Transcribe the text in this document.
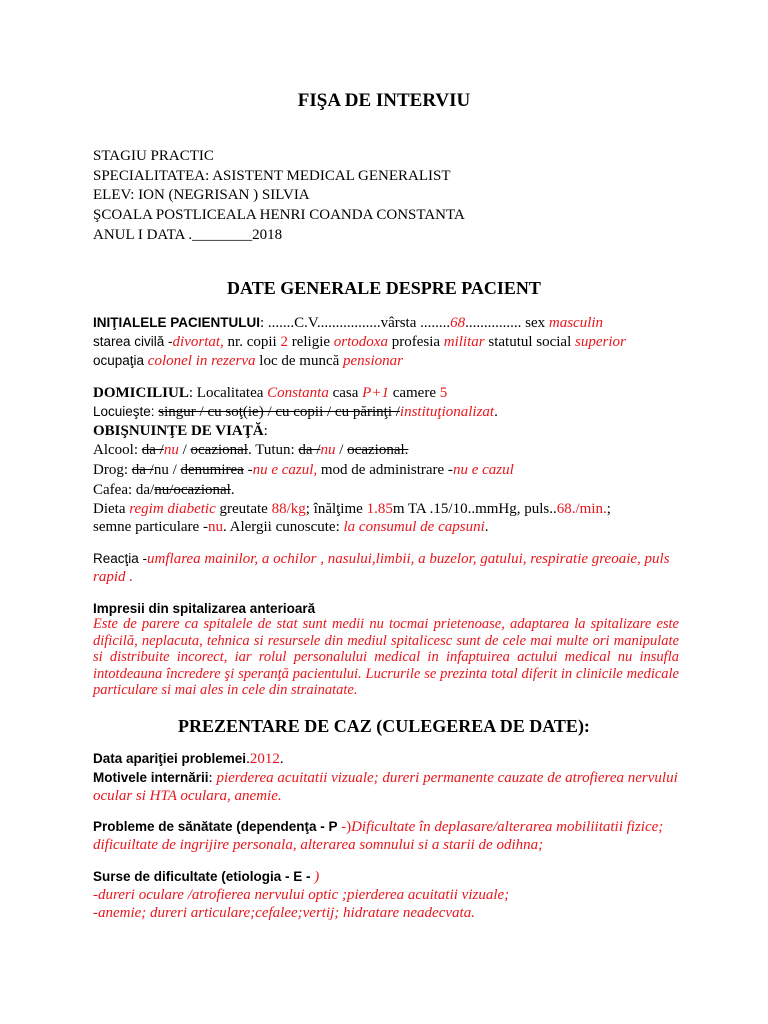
FIŞA DE INTERVIU
STAGIU PRACTIC
SPECIALITATEA: ASISTENT MEDICAL GENERALIST
ELEV: ION (NEGRISAN ) SILVIA
ŞCOALA POSTLICEALA HENRI COANDA CONSTANTA
ANUL I DATA .________2018
DATE GENERALE DESPRE PACIENT
INIŢIALELE PACIENTULUI: .......C.V.................vârsta ........68............... sex masculin
starea civilă -divortat, nr. copii 2 religie ortodoxa profesia militar statutul social superior
ocupaţia colonel in rezerva loc de muncă pensionar
DOMICILIUL: Localitatea Constanta casa P+1 camere 5
Locuieşte: singur / cu soţ(ie) / cu copii / cu părinţi /instituţionalizat.
OBIŞNUINŢE DE VIAŢĂ:
Alcool: da /nu / ocazional. Tutun: da /nu / ocazional.
Drog: da /nu / denumirea -nu e cazul, mod de administrare -nu e cazul
Cafea: da/nu/ocazional.
Dieta regim diabetic greutate 88/kg; înălţime 1.85m TA .15/10..mmHg, puls..68./min.;
semne particulare -nu. Alergii cunoscute: la consumul de capsuni.
Reacţia -umflarea mainilor, a ochilor , nasului,limbii, a buzelor, gatului, respiratie greoaie, puls rapid .
Impresii din spitalizarea anterioară
Este de parere ca spitalele de stat sunt medii nu tocmai prietenoase, adaptarea la spitalizare este dificilă, neplacuta, tehnica si resursele din mediul spitalicesc sunt de cele mai multe ori manipulate si distribuite incorect, iar rolul personalului medical in infaptuirea actului medical nu insufla intotdeauna încredere şi speranţă pacientului. Lucrurile se prezinta total diferit in clinicile medicale particulare si mai ales in cele din strainatate.
PREZENTARE DE CAZ (CULEGEREA DE DATE):
Data apariţiei problemei.2012.
Motivele internării: pierderea acuitatii vizuale; dureri permanente cauzate de atrofierea nervului ocular si HTA oculara, anemie.
Probleme de sănătate (dependenţa - P -)Dificultate în deplasare/alterarea mobiliitatii fizice; dificuiltate de ingrijire personala, alterarea somnului si a starii de odihna;
Surse de dificultate (etiologia - E - )
-dureri oculare /atrofierea nervului optic ;pierderea acuitatii vizuale;
-anemie; dureri articulare;cefalee;vertij; hidratare neadecvata.
